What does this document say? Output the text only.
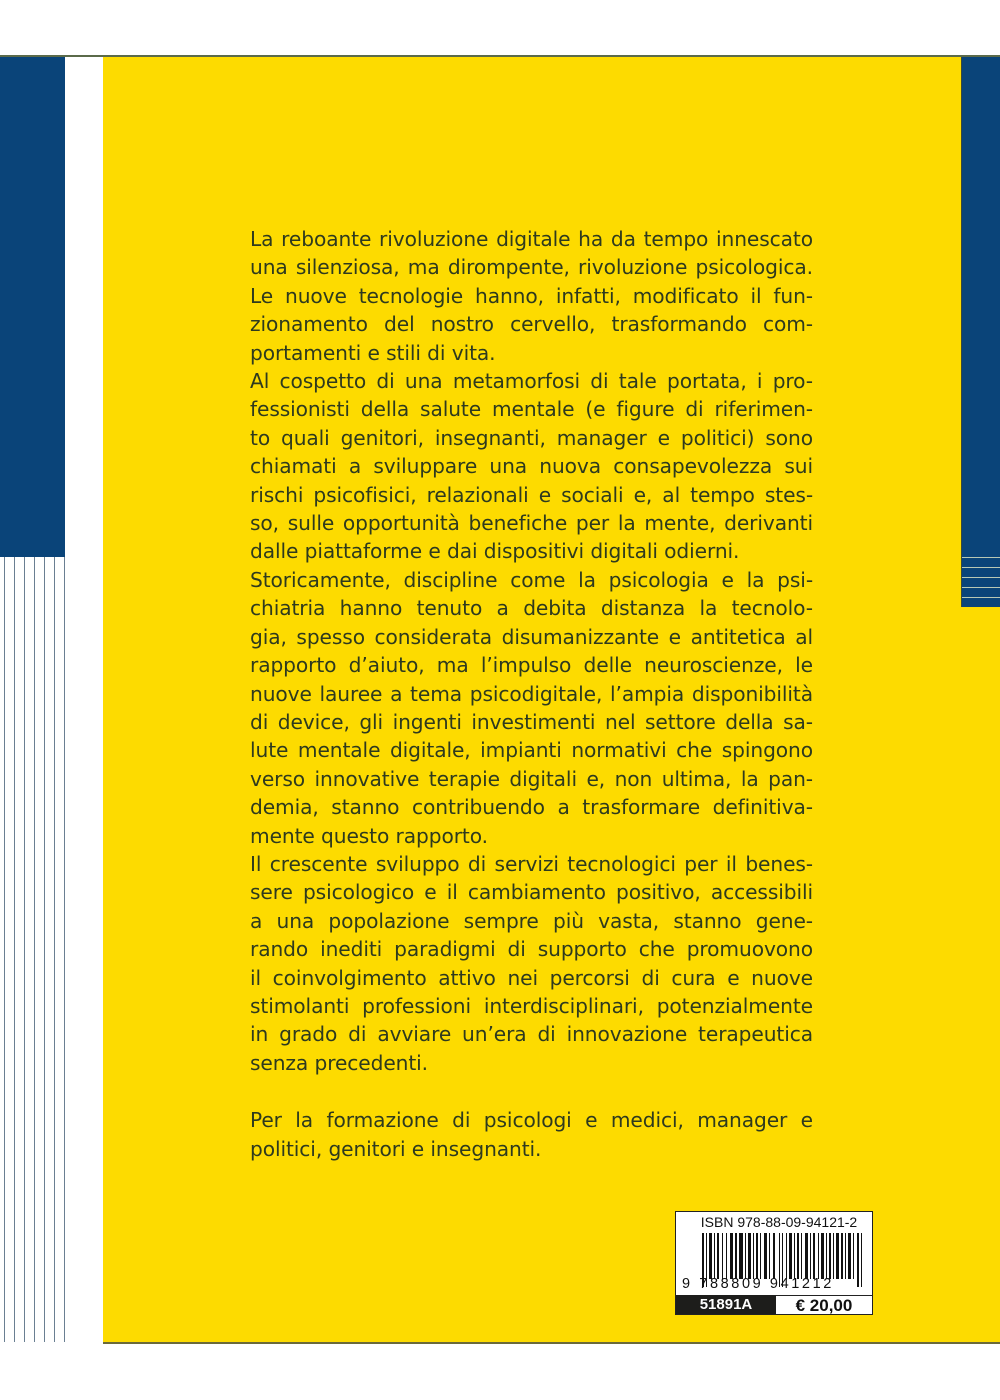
La reboante rivoluzione digitale ha da tempo innescato
una silenziosa, ma dirompente, rivoluzione psicologica.
Le nuove tecnologie hanno, infatti, modificato il fun-
zionamento del nostro cervello, trasformando com-
portamenti e stili di vita.

Al cospetto di una metamorfosi di tale portata, i pro-
fessionisti della salute mentale (e figure di riferimen-
to quali genitori, insegnanti, manager e politici) sono
chiamati a sviluppare una nuova consapevolezza sui
rischi psicofisici, relazionali e sociali e, al tempo stes-
so, sulle opportunità benefiche per la mente, derivanti
dalle piattaforme e dai dispositivi digitali odierni.

Storicamente, discipline come la psicologia e la psi-
chiatria hanno tenuto a debita distanza la tecnolo-
gia, spesso considerata disumanizzante e antitetica al
rapporto d’aiuto, ma l’impulso delle neuroscienze, le
nuove lauree a tema psicodigitale, l’ampia disponibilità
di device, gli ingenti investimenti nel settore della sa-
lute mentale digitale, impianti normativi che spingono
verso innovative terapie digitali e, non ultima, la pan-
demia, stanno contribuendo a trasformare definitiva-
mente questo rapporto.

Il crescente sviluppo di servizi tecnologici per il benes-
sere psicologico e il cambiamento positivo, accessibili
a una popolazione sempre più vasta, stanno gene-
rando inediti paradigmi di supporto che promuovono
il coinvolgimento attivo nei percorsi di cura e nuove
stimolanti professioni interdisciplinari, potenzialmente
in grado di avviare un’era di innovazione terapeutica
senza precedenti.

Per la formazione di psicologi e medici, manager e
politici, genitori e insegnanti.

ISBN 978-88-09-94121-2
9 788809 941212
51891A	€ 20,00
